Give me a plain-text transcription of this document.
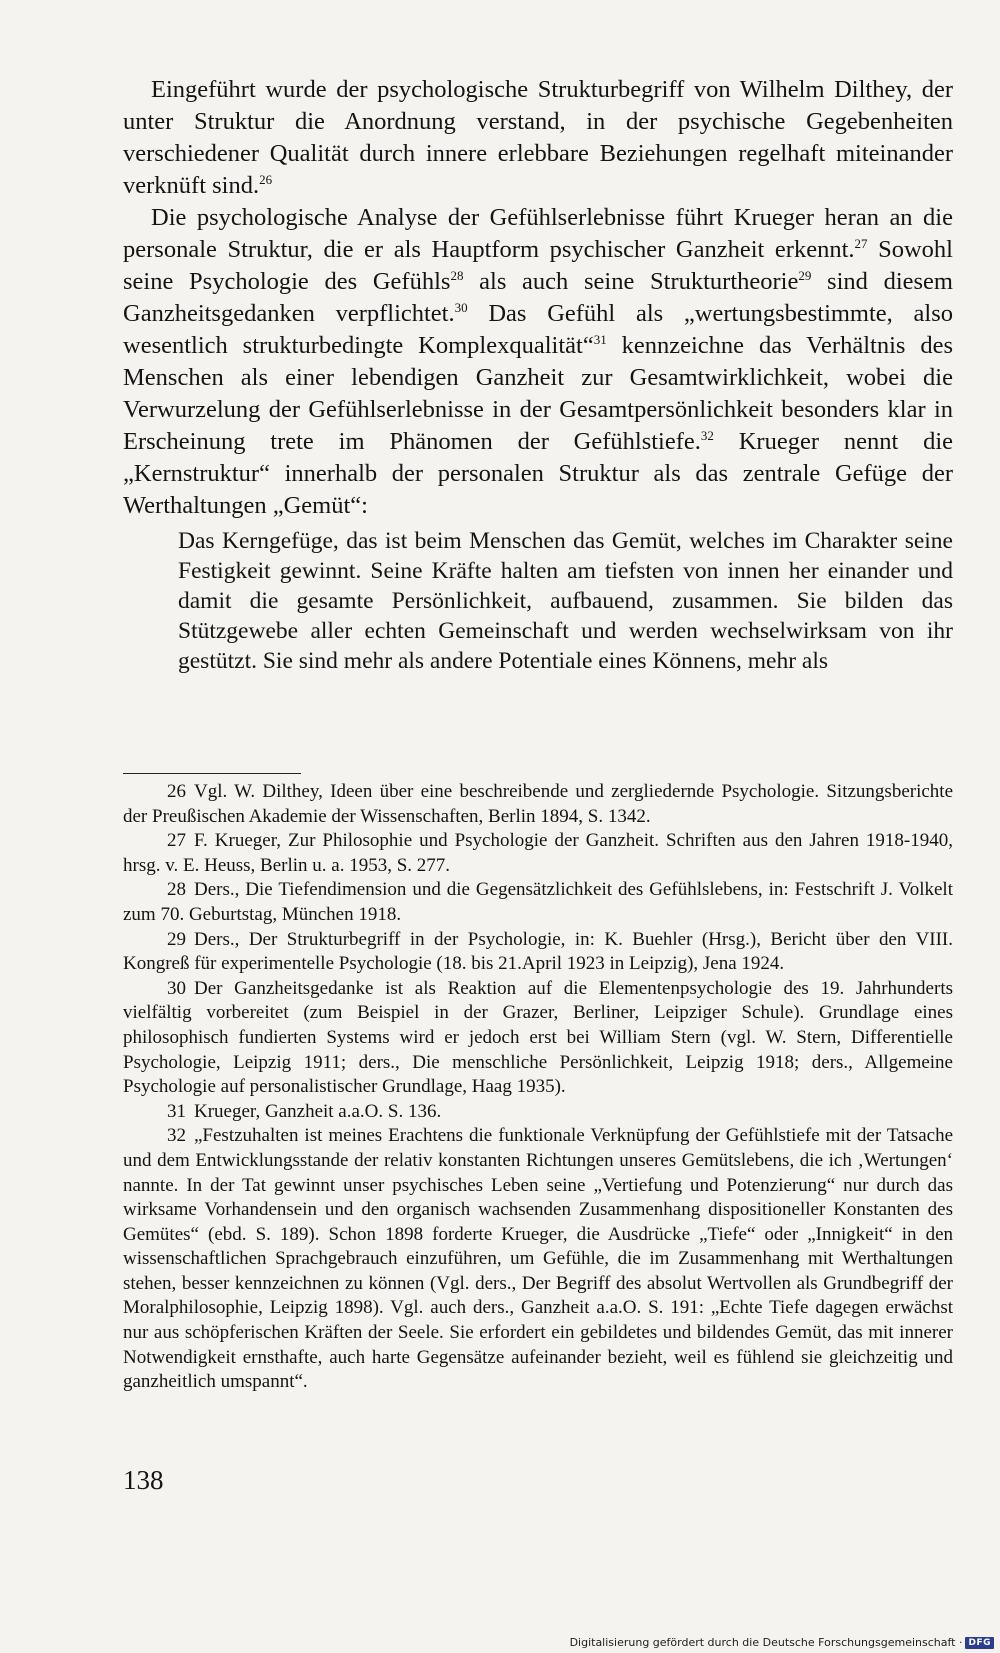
Eingeführt wurde der psychologische Strukturbegriff von Wilhelm Dilthey, der unter Struktur die Anordnung verstand, in der psychische Gegebenheiten verschiedener Qualität durch innere erlebbare Beziehungen regelhaft miteinander verknüft sind.$^{26}$

Die psychologische Analyse der Gefühlserlebnisse führt Krueger heran an die personale Struktur, die er als Hauptform psychischer Ganzheit erkennt.$^{27}$ Sowohl seine Psychologie des Gefühls$^{28}$ als auch seine Strukturtheorie$^{29}$ sind diesem Ganzheitsgedanken verpflichtet.$^{30}$ Das Gefühl als „wertungsbestimmte, also wesentlich strukturbedingte Komplexqualität“$^{31}$ kennzeichne das Verhältnis des Menschen als einer lebendigen Ganzheit zur Gesamtwirklichkeit, wobei die Verwurzelung der Gefühlserlebnisse in der Gesamtpersönlichkeit besonders klar in Erscheinung trete im Phänomen der Gefühlstiefe.$^{32}$ Krueger nennt die „Kernstruktur“ innerhalb der personalen Struktur als das zentrale Gefüge der Werthaltungen „Gemüt“:

Das Kerngefüge, das ist beim Menschen das Gemüt, welches im Charakter seine Festigkeit gewinnt. Seine Kräfte halten am tiefsten von innen her einander und damit die gesamte Persönlichkeit, aufbauend, zusammen. Sie bilden das Stützgewebe aller echten Gemeinschaft und werden wechselwirksam von ihr gestützt. Sie sind mehr als andere Potentiale eines Könnens, mehr als

26 Vgl. W. Dilthey, Ideen über eine beschreibende und zergliedernde Psychologie. Sitzungsberichte der Preußischen Akademie der Wissenschaften, Berlin 1894, S. 1342.

27 F. Krueger, Zur Philosophie und Psychologie der Ganzheit. Schriften aus den Jahren 1918-1940, hrsg. v. E. Heuss, Berlin u. a. 1953, S. 277.

28 Ders., Die Tiefendimension und die Gegensätzlichkeit des Gefühlslebens, in: Festschrift J. Volkelt zum 70. Geburtstag, München 1918.

29 Ders., Der Strukturbegriff in der Psychologie, in: K. Buehler (Hrsg.), Bericht über den VIII. Kongreß für experimentelle Psychologie (18. bis 21.April 1923 in Leipzig), Jena 1924.

30 Der Ganzheitsgedanke ist als Reaktion auf die Elementenpsychologie des 19. Jahrhunderts vielfältig vorbereitet (zum Beispiel in der Grazer, Berliner, Leipziger Schule). Grundlage eines philosophisch fundierten Systems wird er jedoch erst bei William Stern (vgl. W. Stern, Differentielle Psychologie, Leipzig 1911; ders., Die menschliche Persönlichkeit, Leipzig 1918; ders., Allgemeine Psychologie auf personalistischer Grundlage, Haag 1935).

31 Krueger, Ganzheit a.a.O. S. 136.

32 „Festzuhalten ist meines Erachtens die funktionale Verknüpfung der Gefühlstiefe mit der Tatsache und dem Entwicklungsstande der relativ konstanten Richtungen unseres Gemütslebens, die ich ‚Wertungen‘ nannte. In der Tat gewinnt unser psychisches Leben seine „Vertiefung und Potenzierung“ nur durch das wirksame Vorhandensein und den organisch wachsenden Zusammenhang dispositioneller Konstanten des Gemütes“ (ebd. S. 189). Schon 1898 forderte Krueger, die Ausdrücke „Tiefe“ oder „Innigkeit“ in den wissenschaftlichen Sprachgebrauch einzuführen, um Gefühle, die im Zusammenhang mit Werthaltungen stehen, besser kennzeichnen zu können (Vgl. ders., Der Begriff des absolut Wertvollen als Grundbegriff der Moralphilosophie, Leipzig 1898). Vgl. auch ders., Ganzheit a.a.O. S. 191: „Echte Tiefe dagegen erwächst nur aus schöpferischen Kräften der Seele. Sie erfordert ein gebildetes und bildendes Gemüt, das mit innerer Notwendigkeit ernsthafte, auch harte Gegensätze aufeinander bezieht, weil es fühlend sie gleichzeitig und ganzheitlich umspannt“.

138
Digitalisierung gefördert durch die Deutsche Forschungsgemeinschaft · DFG
